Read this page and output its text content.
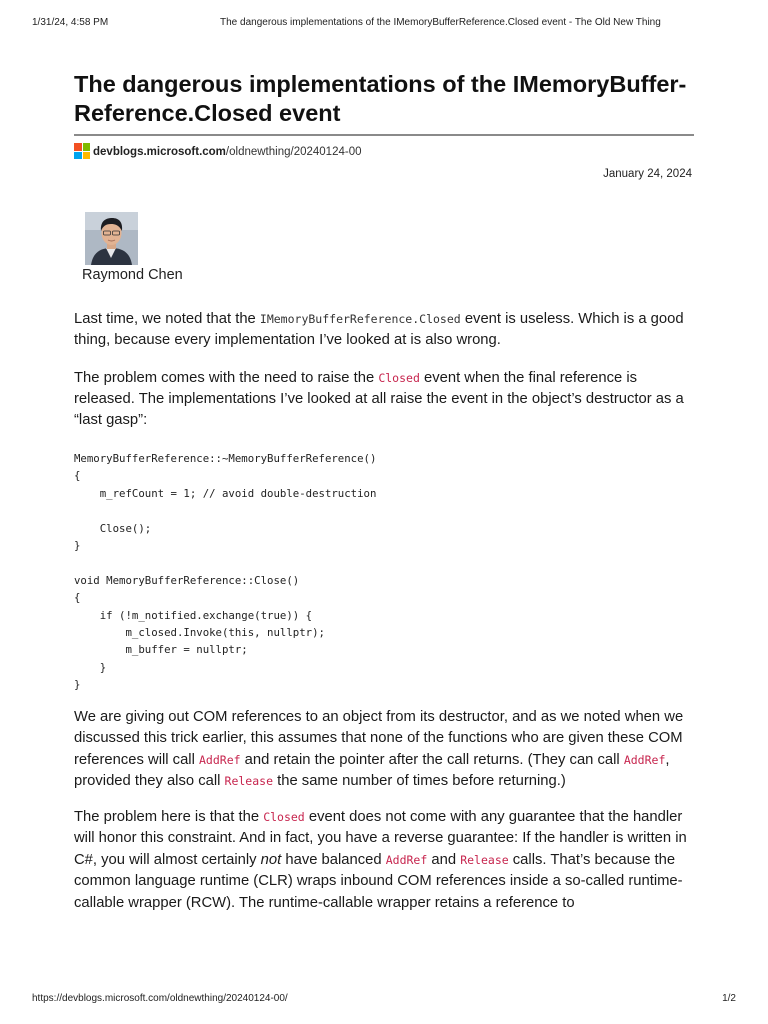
1/31/24, 4:58 PM	The dangerous implementations of the IMemoryBufferReference.Closed event - The Old New Thing
The dangerous implementations of the IMemoryBuffer-
Reference.Closed event
devblogs.microsoft.com/oldnewthing/20240124-00
January 24, 2024
Raymond Chen

Last time, we noted that the IMemoryBufferReference.Closed event is useless. Which is a good thing, because every implementation I’ve looked at is also wrong.

The problem comes with the need to raise the Closed event when the final reference is released. The implementations I’ve looked at all raise the event in the object’s destructor as a “last gasp”:

MemoryBufferReference::~MemoryBufferReference()
{
m_refCount = 1; // avoid double-destruction

Close();
}

void MemoryBufferReference::Close()
{
if (!m_notified.exchange(true)) {
m_closed.Invoke(this, nullptr);
m_buffer = nullptr;
}
}

We are giving out COM references to an object from its destructor, and as we noted when we discussed this trick earlier, this assumes that none of the functions who are given these COM references will call AddRef and retain the pointer after the call returns. (They can call AddRef, provided they also call Release the same number of times before returning.)

The problem here is that the Closed event does not come with any guarantee that the handler will honor this constraint. And in fact, you have a reverse guarantee: If the handler is written in C#, you will almost certainly not have balanced AddRef and Release calls. That’s because the common language runtime (CLR) wraps inbound COM references inside a so-called runtime-callable wrapper (RCW). The runtime-callable wrapper retains a reference to

https://devblogs.microsoft.com/oldnewthing/20240124-00/	1/2
